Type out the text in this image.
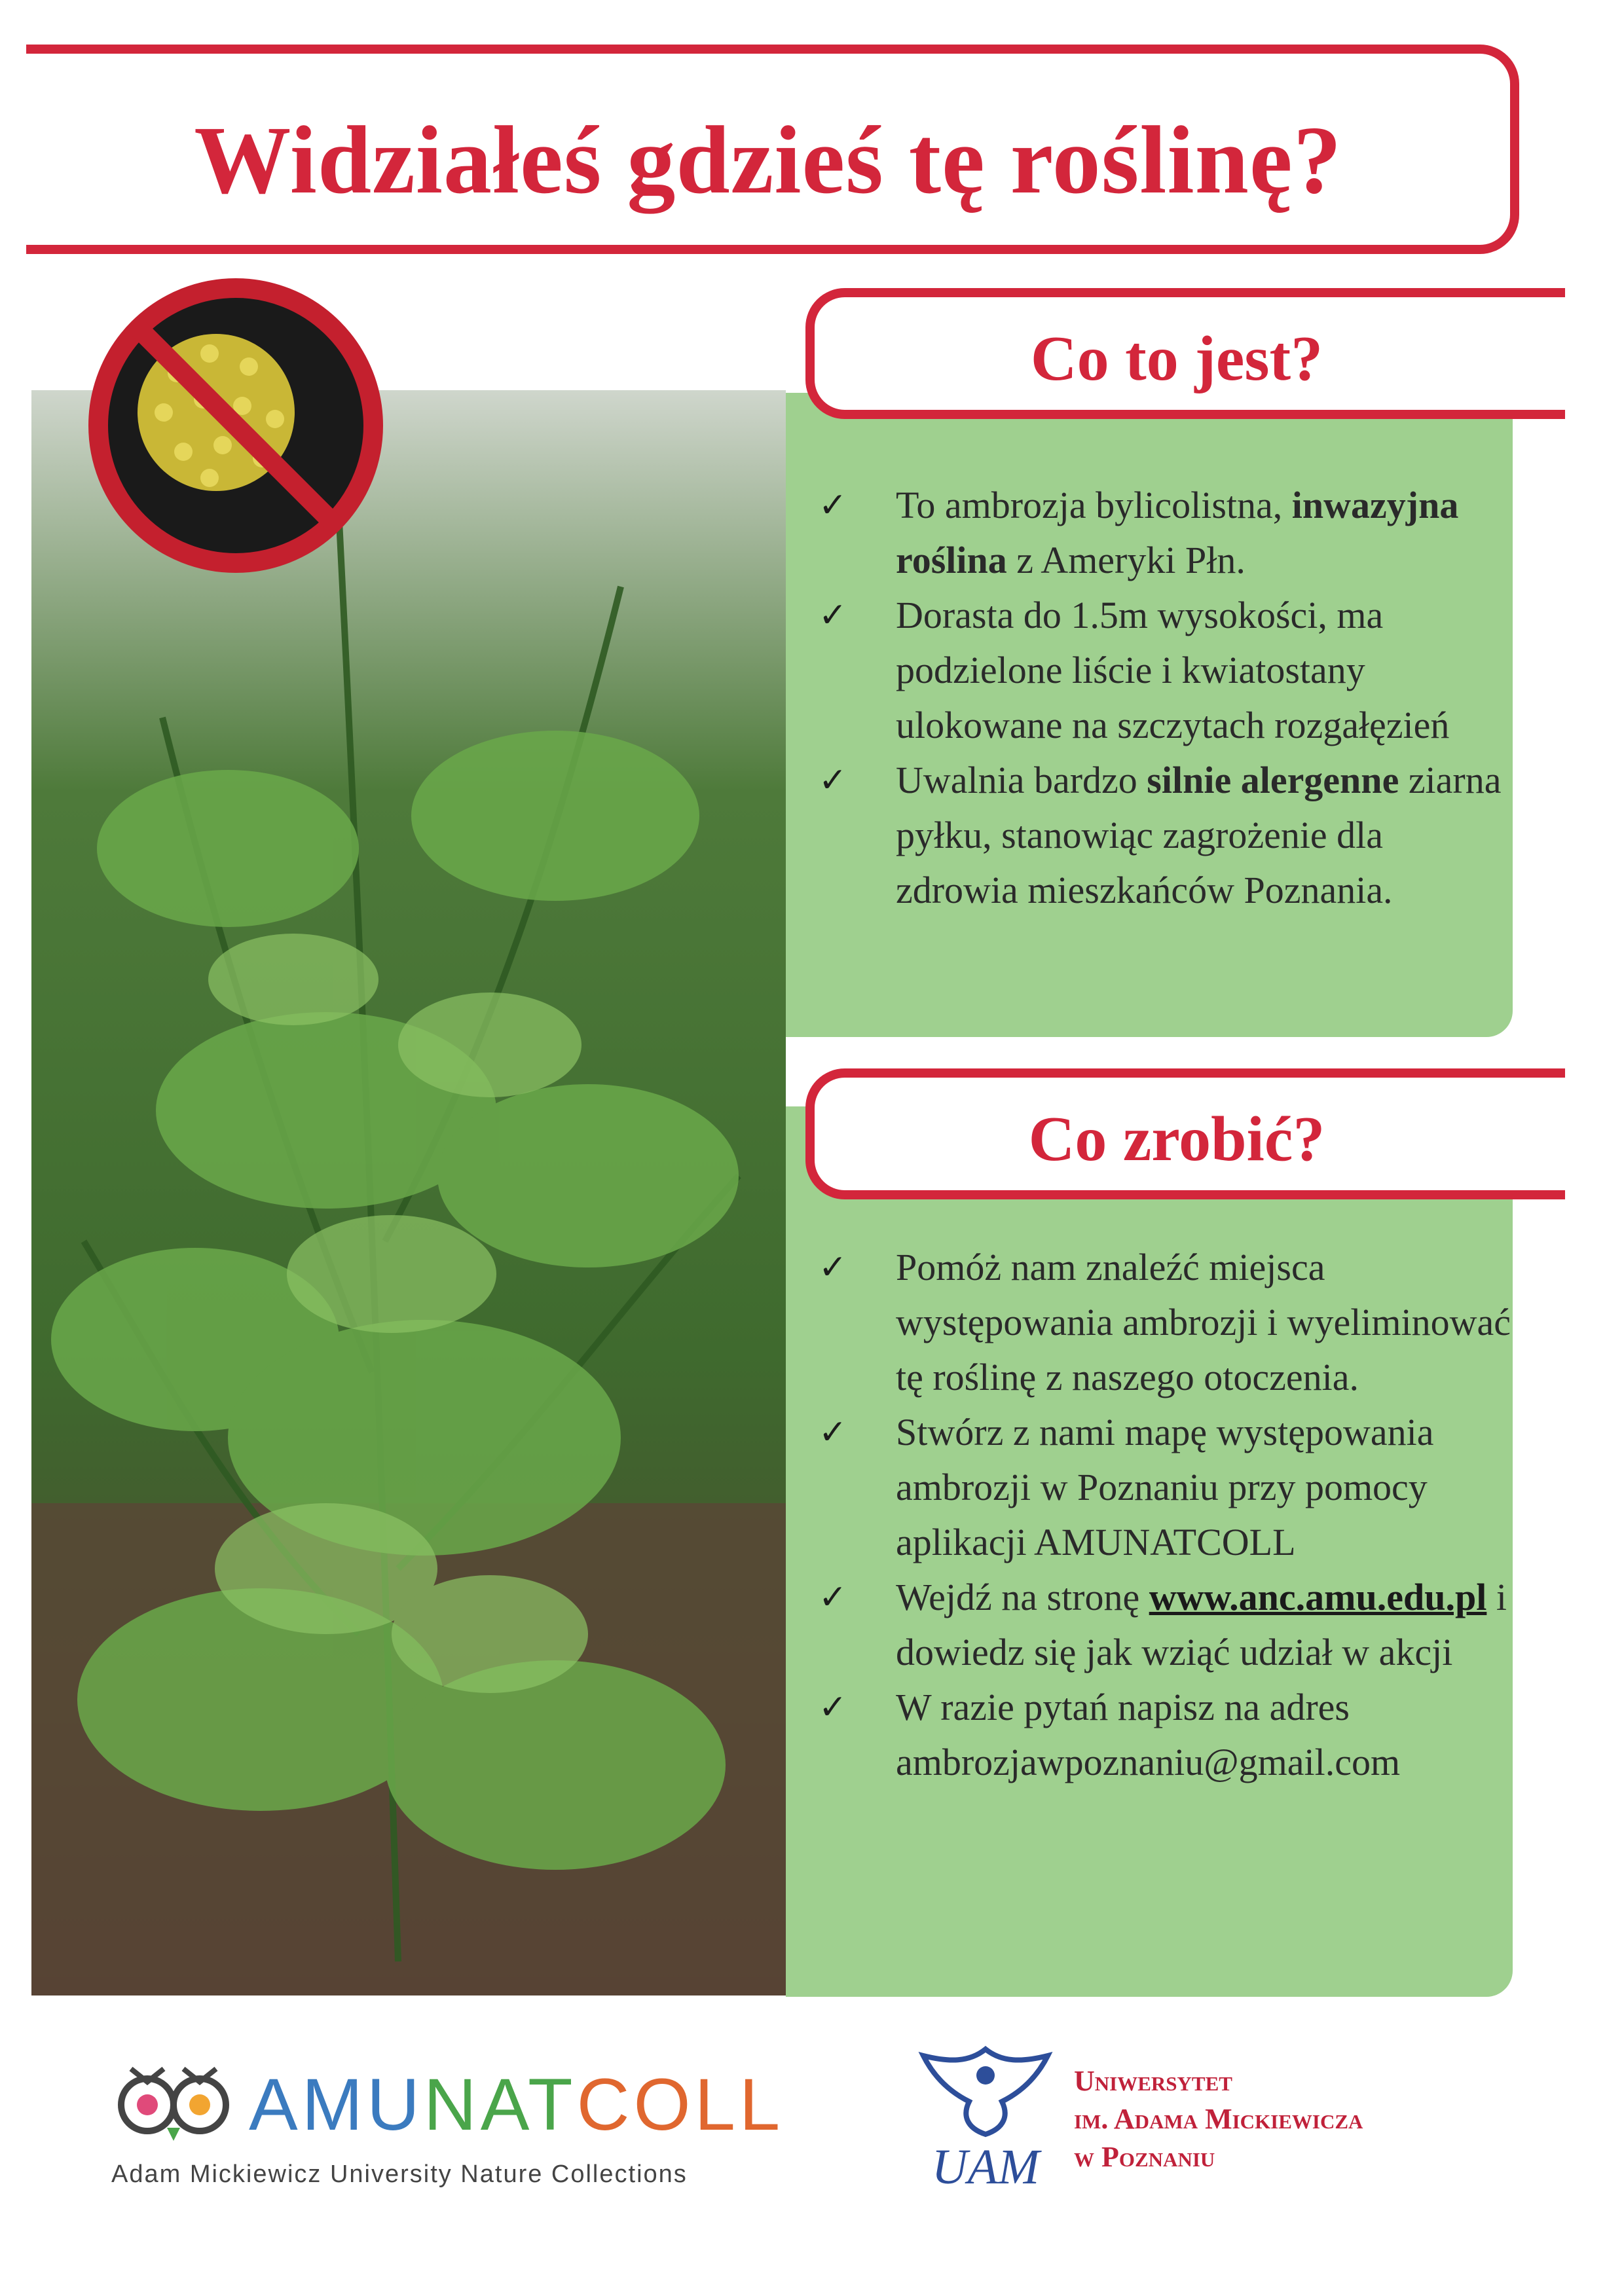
Widziałeś gdzieś tę roślinę?
Co to jest?
Co zrobić?
✓ To ambrozja bylicolistna, inwazyjna roślina z Ameryki Płn.
✓ Dorasta do 1.5m wysokości, ma podzielone liście i kwiatostany ulokowane na szczytach rozgałęzień
✓ Uwalnia bardzo silnie alergenne ziarna pyłku, stanowiąc zagrożenie dla zdrowia mieszkańców Poznania.
✓ Pomóż nam znaleźć miejsca występowania ambrozji i wyeliminować tę roślinę z naszego otoczenia.
✓ Stwórz z nami mapę występowania ambrozji w Poznaniu przy pomocy aplikacji AMUNATCOLL
✓ Wejdź na stronę www.anc.amu.edu.pl i dowiedz się jak wziąć udział w akcji
✓ W razie pytań napisz na adres ambrozjawpoznaniu@gmail.com
AMUNATCOLL
Adam Mickiewicz University Nature Collections	UAM
Uniwersytet
im. Adama Mickiewicza
w Poznaniu
